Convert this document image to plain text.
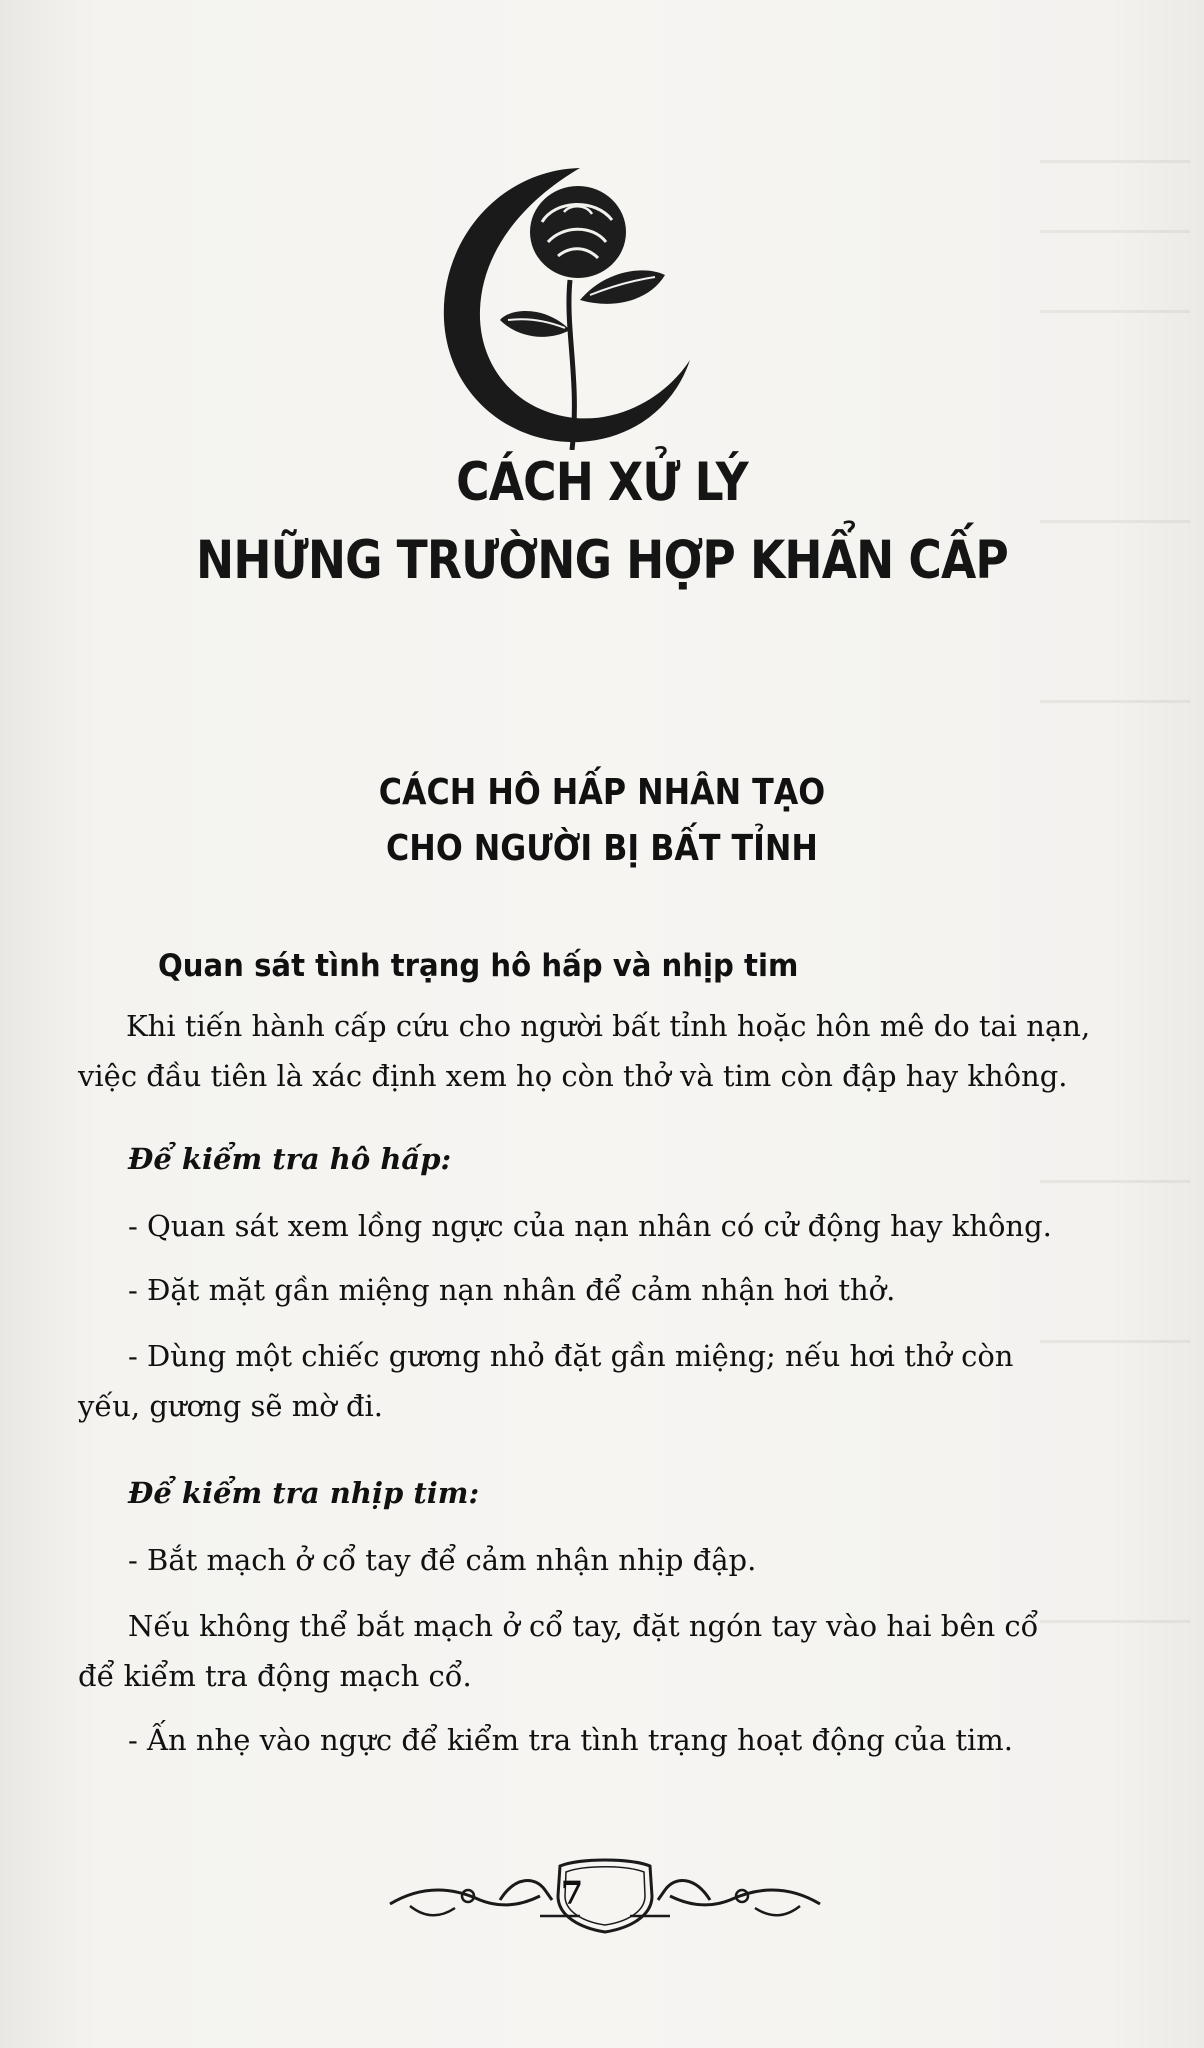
CÁCH XỬ LÝ
NHỮNG TRƯỜNG HỢP KHẨN CẤP
CÁCH HÔ HẤP NHÂN TẠO
CHO NGƯỜI BỊ BẤT TỈNH
Quan sát tình trạng hô hấp và nhịp tim
Khi tiến hành cấp cứu cho người bất tỉnh hoặc hôn mê do tai nạn,
việc đầu tiên là xác định xem họ còn thở và tim còn đập hay không.
Để kiểm tra hô hấp:
- Quan sát xem lồng ngực của nạn nhân có cử động hay không.
- Đặt mặt gần miệng nạn nhân để cảm nhận hơi thở.
- Dùng một chiếc gương nhỏ đặt gần miệng; nếu hơi thở còn
yếu, gương sẽ mờ đi.
Để kiểm tra nhịp tim:
- Bắt mạch ở cổ tay để cảm nhận nhịp đập.
Nếu không thể bắt mạch ở cổ tay, đặt ngón tay vào hai bên cổ
để kiểm tra động mạch cổ.
- Ấn nhẹ vào ngực để kiểm tra tình trạng hoạt động của tim.
7
